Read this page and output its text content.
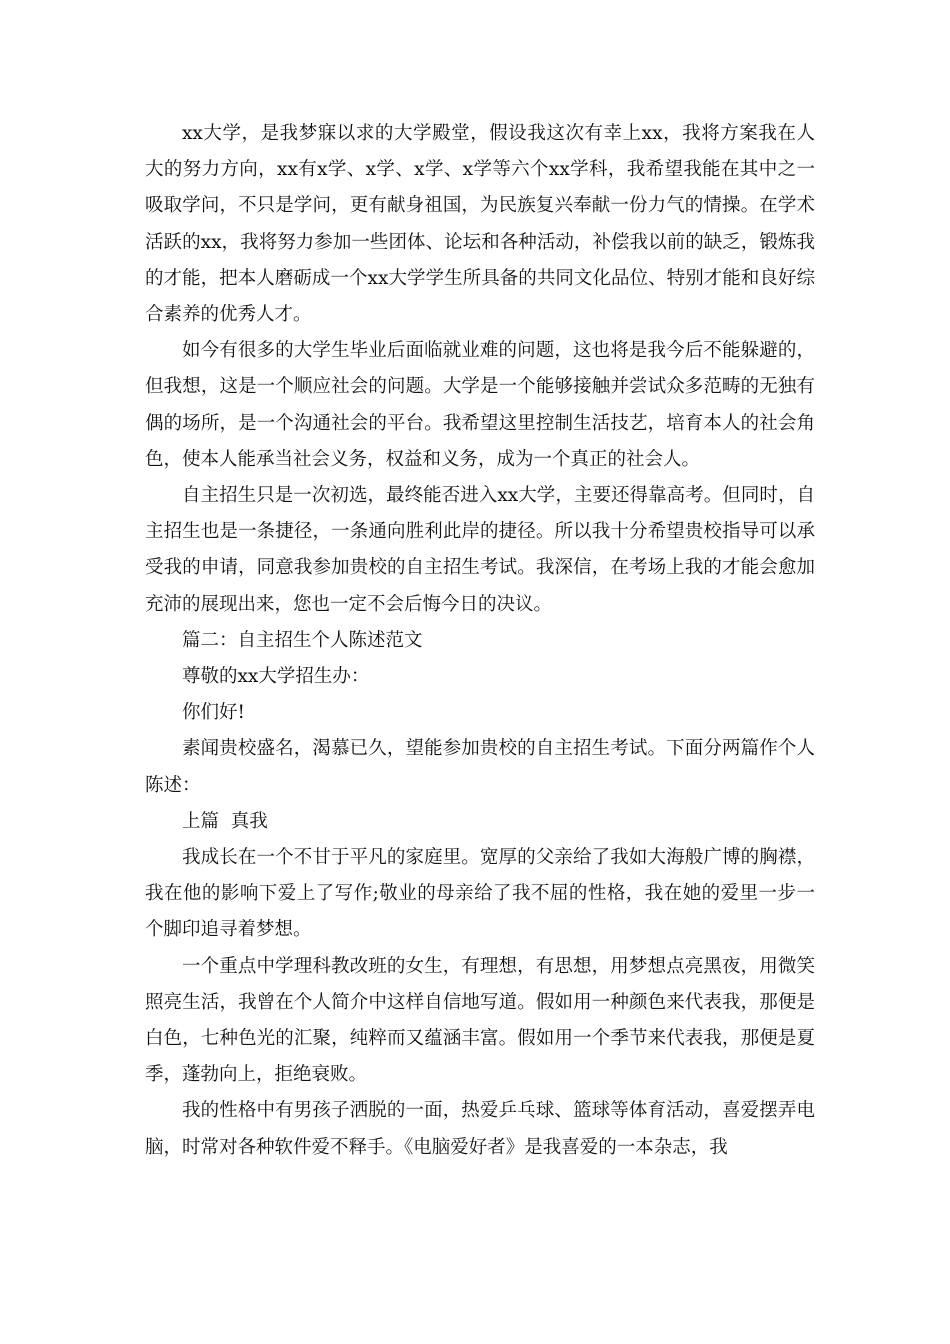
xx大学，是我梦寐以求的大学殿堂，假设我这次有幸上xx，我将方案我在人大的努力方向，xx有x学、x学、x学、x学等六个xx学科，我希望我能在其中之一吸取学问，不只是学问，更有献身祖国，为民族复兴奉献一份力气的情操。在学术活跃的xx，我将努力参加一些团体、论坛和各种活动，补偿我以前的缺乏，锻炼我的才能，把本人磨砺成一个xx大学学生所具备的共同文化品位、特别才能和良好综合素养的优秀人才。

如今有很多的大学生毕业后面临就业难的问题，这也将是我今后不能躲避的，但我想，这是一个顺应社会的问题。大学是一个能够接触并尝试众多范畴的无独有偶的场所，是一个沟通社会的平台。我希望这里控制生活技艺，培育本人的社会角色，使本人能承当社会义务，权益和义务，成为一个真正的社会人。

自主招生只是一次初选，最终能否进入xx大学，主要还得靠高考。但同时，自主招生也是一条捷径，一条通向胜利此岸的捷径。所以我十分希望贵校指导可以承受我的申请，同意我参加贵校的自主招生考试。我深信，在考场上我的才能会愈加充沛的展现出来，您也一定不会后悔今日的决议。

篇二：自主招生个人陈述范文

尊敬的xx大学招生办：

你们好!

素闻贵校盛名，渴慕已久，望能参加贵校的自主招生考试。下面分两篇作个人陈述：

上篇  真我

我成长在一个不甘于平凡的家庭里。宽厚的父亲给了我如大海般广博的胸襟，我在他的影响下爱上了写作;敬业的母亲给了我不屈的性格，我在她的爱里一步一个脚印追寻着梦想。

一个重点中学理科教改班的女生，有理想，有思想，用梦想点亮黑夜，用微笑照亮生活，我曾在个人简介中这样自信地写道。假如用一种颜色来代表我，那便是白色，七种色光的汇聚，纯粹而又蕴涵丰富。假如用一个季节来代表我，那便是夏季，蓬勃向上，拒绝衰败。

我的性格中有男孩子洒脱的一面，热爱乒乓球、篮球等体育活动，喜爱摆弄电脑，时常对各种软件爱不释手。《电脑爱好者》是我喜爱的一本杂志，我
